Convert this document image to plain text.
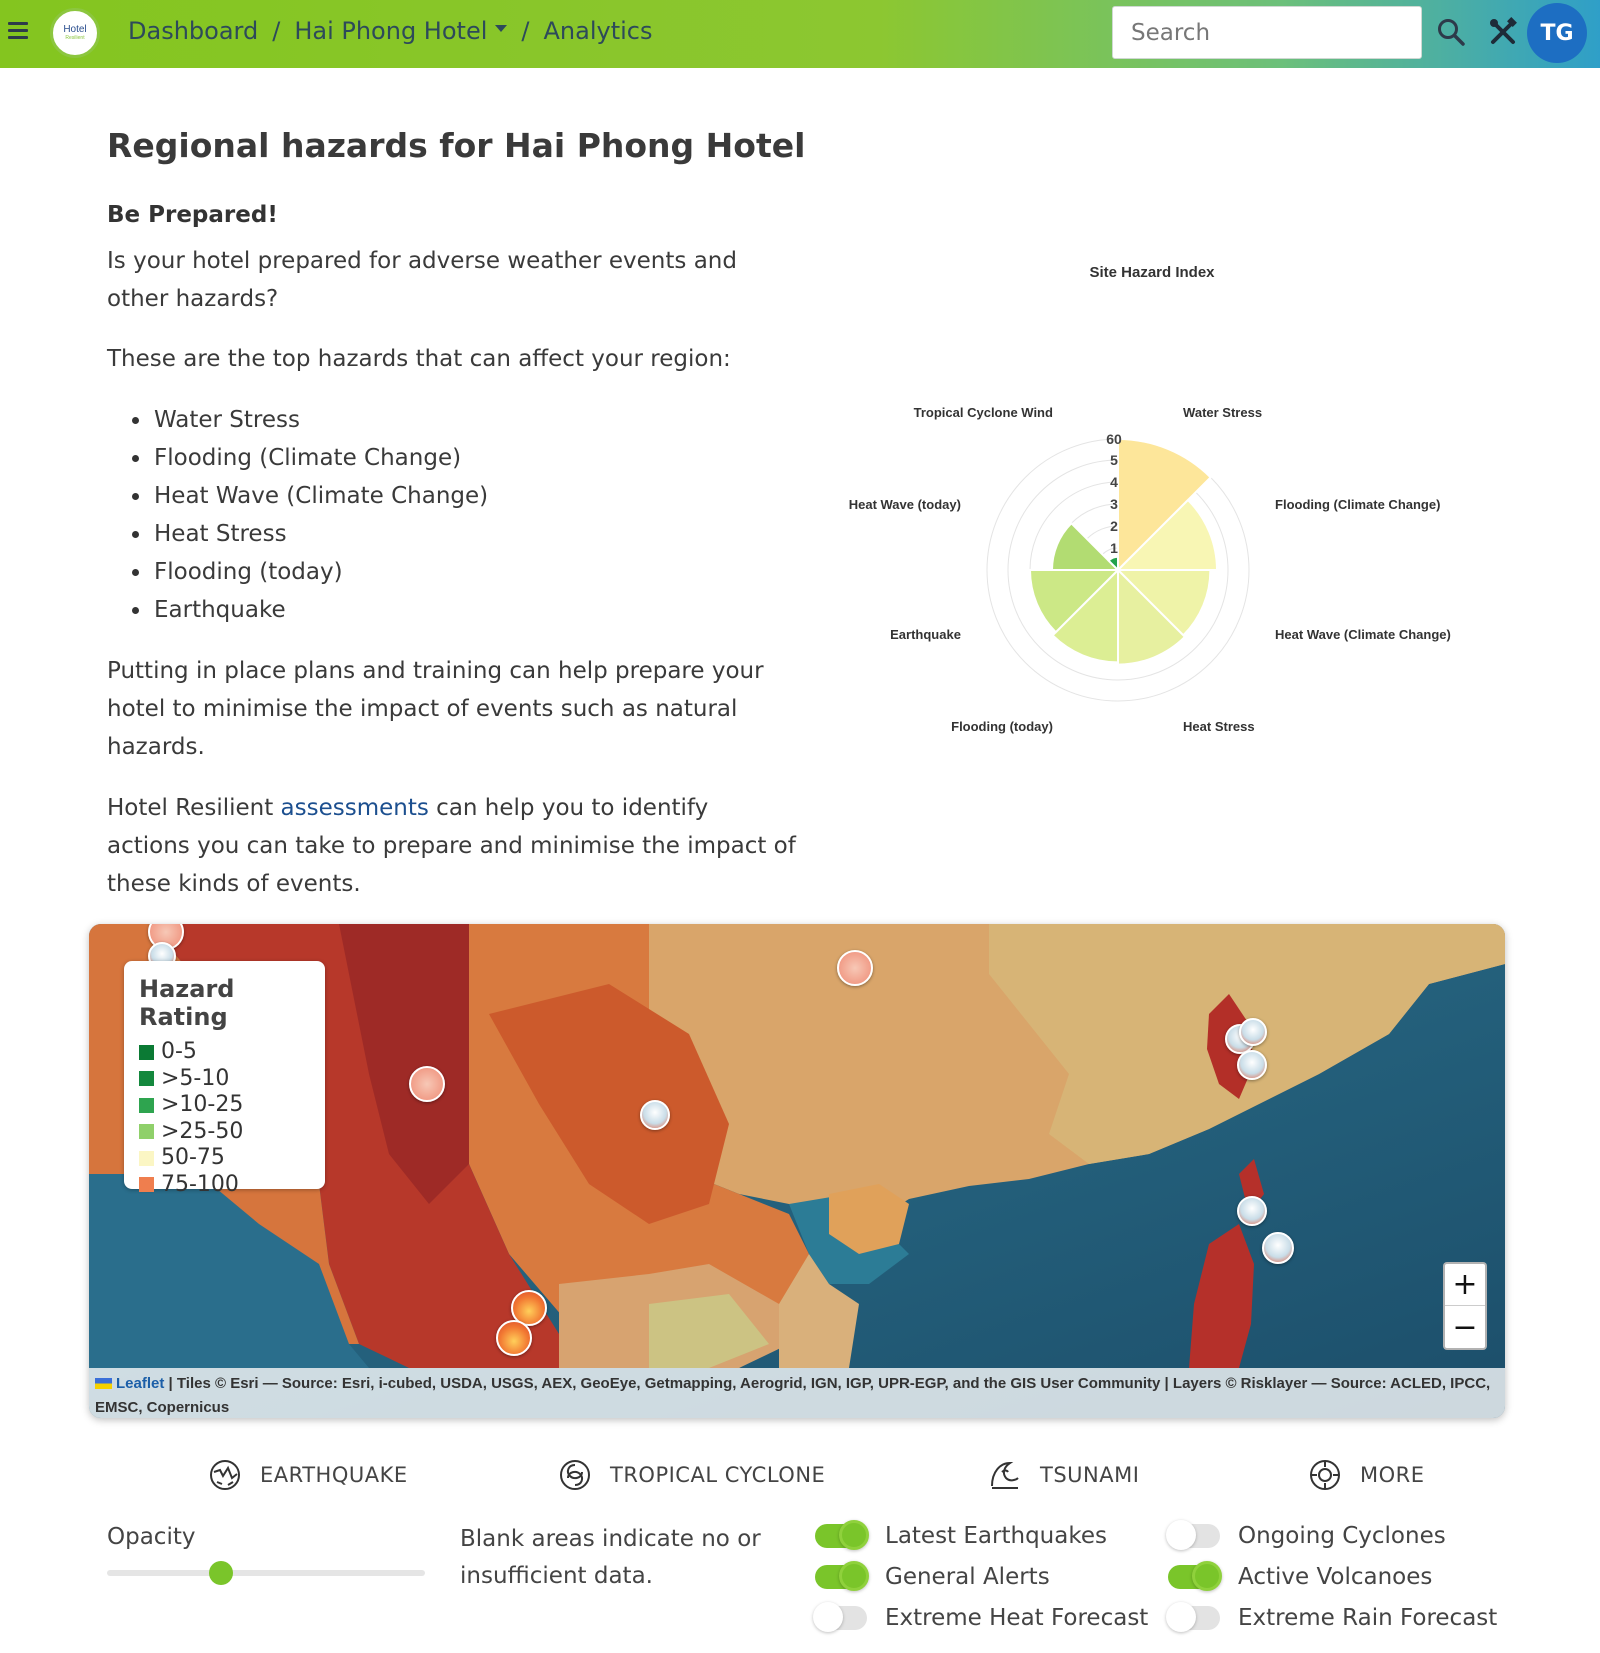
Hotel
Resilient Dashboard / Hai Phong Hotel / Analytics
Search	TG
Regional hazards for Hai Phong Hotel
Be Prepared!
Is your hotel prepared for adverse weather events and other hazards?
These are the top hazards that can affect your region:
Water Stress
Flooding (Climate Change)
Heat Wave (Climate Change)
Heat Stress
Flooding (today)
Earthquake
Putting in place plans and training can help prepare your hotel to minimise the impact of events such as natural hazards.
Hotel Resilient assessments can help you to identify actions you can take to prepare and minimise the impact of these kinds of events.
Site Hazard Index
1
2
3
4
5
60
Water Stress
Flooding (Climate Change)
Heat Wave (Climate Change)
Heat Stress
Flooding (today)
Earthquake
Heat Wave (today)
Tropical Cyclone Wind
Hazard Rating
0-5
>5-10
>10-25
>25-50
50-75
75-100
+
−
Leaflet | Tiles © Esri — Source: Esri, i-cubed, USDA, USGS, AEX, GeoEye, Getmapping, Aerogrid, IGN, IGP, UPR-EGP, and the GIS User Community | Layers © Risklayer — Source: ACLED, IPCC, EMSC, Copernicus
EARTHQUAKE	TROPICAL CYCLONE	TSUNAMI	MORE
Opacity	Blank areas indicate no or insufficient data.
Latest Earthquakes	Ongoing Cyclones
General Alerts	Active Volcanoes
Extreme Heat Forecast	Extreme Rain Forecast
